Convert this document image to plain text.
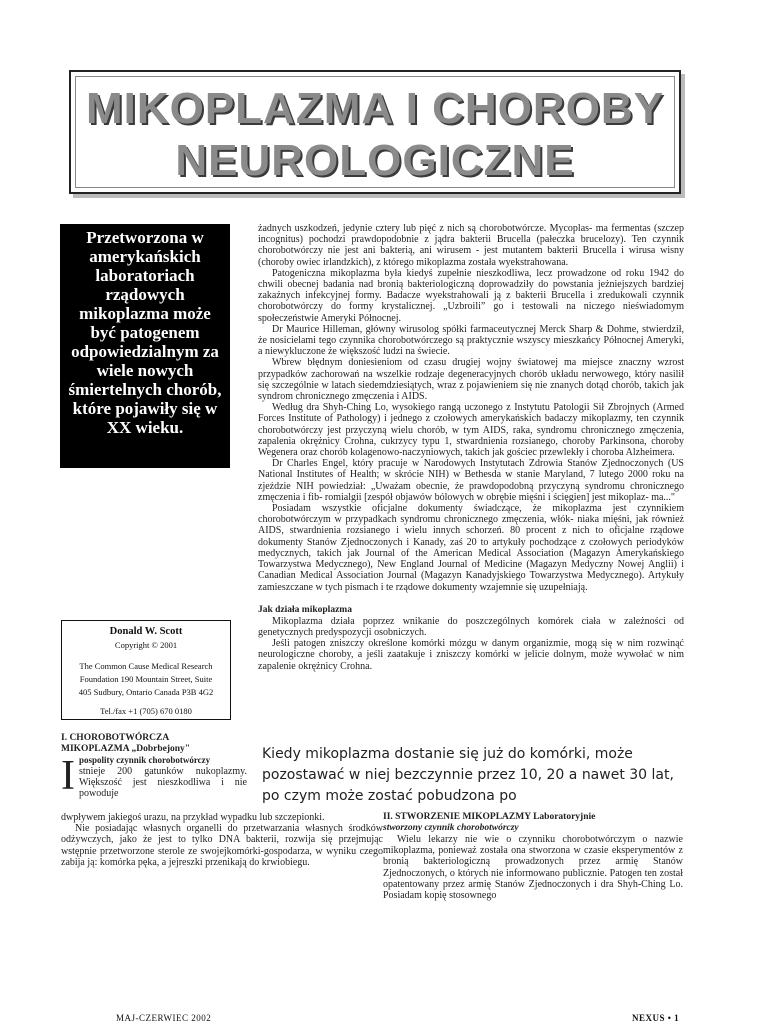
MIKOPLAZMA I CHOROBY
NEUROLOGICZNE
Przetworzona w amerykańskich laboratoriach rządowych mikoplazma może być patogenem odpowiedzialnym za wiele nowych śmiertelnych chorób, które pojawiły się w XX wieku.

żadnych uszkodzeń, jedynie cztery lub pięć z nich są chorobotwórcze. Mycoplas- ma fermentas (szczep incognitus) pochodzi prawdopodobnie z jądra bakterii Brucella (pałeczka brucelozy). Ten czynnik chorobotwórczy nie jest ani bakterią, ani wirusem - jest mutantem bakterii Brucella i wirusa wisny (choroby owiec irlandzkich), z którego mikoplazma została wyekstrahowana.

Patogeniczna mikoplazma była kiedyś zupełnie nieszkodliwa, lecz prowadzone od roku 1942 do chwili obecnej badania nad bronią bakteriologiczną doprowadziły do powstania jeżniejszych bardziej zakaźnych infekcyjnej formy. Badacze wyekstrahowali ją z bakterii Brucella i zredukowali czynnik chorobotwórczy do formy krystalicznej. „Uzbroili” go i testowali na niczego nieświadomym społeczeństwie Ameryki Północnej.

Dr Maurice Hilleman, główny wirusolog spółki farmaceutycznej Merck Sharp & Dohme, stwierdził, że nosicielami tego czynnika chorobotwórczego są praktycznie wszyscy mieszkańcy Północnej Ameryki, a niewykluczone że większość ludzi na świecie.

Wbrew błędnym doniesieniom od czasu drugiej wojny światowej ma miejsce znaczny wzrost przypadków zachorowań na wszelkie rodzaje degeneracyjnych chorób układu nerwowego, który nasilił się szczególnie w latach siedemdziesiątych, wraz z pojawieniem się nie znanych dotąd chorób, takich jak syndrom chronicznego zmęczenia i AIDS.

Według dra Shyh-Ching Lo, wysokiego rangą uczonego z Instytutu Patologii Sił Zbrojnych (Armed Forces Institute of Pathology) i jednego z czołowych amerykańskich badaczy mikoplazmy, ten czynnik chorobotwórczy jest przyczyną wielu chorób, w tym AIDS, raka, syndromu chronicznego zmęczenia, zapalenia okrężnicy Crohna, cukrzycy typu 1, stwardnienia rozsianego, choroby Parkinsona, choroby Wegenera oraz chorób kolagenowo-naczyniowych, takich jak gościec przewlekły i choroba Alzheimera.

Dr Charles Engel, który pracuje w Narodowych Instytutach Zdrowia Stanów Zjednoczonych (US National Institutes of Health; w skrócie NIH) w Bethesda w stanie Maryland, 7 lutego 2000 roku na zjeździe NIH powiedział: „Uważam obecnie, że prawdopodobną przyczyną syndromu chronicznego zmęczenia i fib- romialgii [zespół objawów bólowych w obrębie mięśni i ścięgien] jest mikoplaz- ma..."

Posiadam wszystkie oficjalne dokumenty świadczące, że mikoplazma jest czynnikiem chorobotwórczym w przypadkach syndromu chronicznego zmęczenia, włók- niaka mięśni, jak również AIDS, stwardnienia rozsianego i wielu innych schorzeń. 80 procent z nich to oficjalne rządowe dokumenty Stanów Zjednoczonych i Kanady, zaś 20 to artykuły pochodzące z czołowych periodyków medycznych, takich jak Journal of the American Medical Association (Magazyn Amerykańskiego Towarzystwa Medycznego), New England Journal of Medicine (Magazyn Medyczny Nowej Anglii) i Canadian Medical Association Journal (Magazyn Kanadyjskiego Towarzystwa Medycznego). Artykuły zamieszczane w tych pismach i te rządowe dokumenty wzajemnie się uzupełniają.

Jak działa mikoplazma

Mikoplazma działa poprzez wnikanie do poszczególnych komórek ciała w zależności od genetycznych predyspozycji osobniczych.

Jeśli patogen zniszczy określone komórki mózgu w danym organizmie, mogą się w nim rozwinąć neurologiczne choroby, a jeśli zaatakuje i zniszczy komórki w jelicie dolnym, może wywołać w nim zapalenie okrężnicy Crohna.

Kiedy mikoplazma dostanie się już do komórki, może pozostawać w niej bezczynnie przez 10, 20 a nawet 30 lat, po czym może zostać pobudzona po
Donald W. Scott
Copyright © 2001
The Common Cause Medical Research
Foundation 190 Mountain Street, Suite
405 Sudbury, Ontario Canada P3B 4G2
Tel./fax +1 (705) 670 0180
I. CHOROBOTWÓRCZA
MIKOPLAZMA „Dobrbejony"
I pospolity czynnik chorobotwórczy
stnieje 200 gatunków nukoplazmy. Większość jest nieszkodliwa i nie powoduje

dwpływem jakiegoś urazu, na przykład wypadku lub szczepionki.

Nie posiadając własnych organelli do przetwarzania własnych środków odżywczych, jako że jest to tylko DNA bakterii, rozwija się przejmując wstępnie przetworzone sterole ze swojejkomórki-gospodarza, w wyniku czego zabija ją: komórka pęka, a jejreszki przenikają do krwiobiegu.

II. STWORZENIE MIKOPLAZMY Laboratoryjnie
stworzony czynnik chorobotwórczy

Wielu lekarzy nie wie o czynniku chorobotwórczym o nazwie mikoplazma, ponieważ została ona stworzona w czasie eksperymentów z bronią bakteriologiczną prowadzonych przez armię Stanów Zjednoczonych, o których nie informowano publicznie. Patogen ten został opatentowany przez armię Stanów Zjednoczonych i dra Shyh-Ching Lo. Posiadam kopię stosownego

MAJ-CZERWIEC 2002	NEXUS • 1
